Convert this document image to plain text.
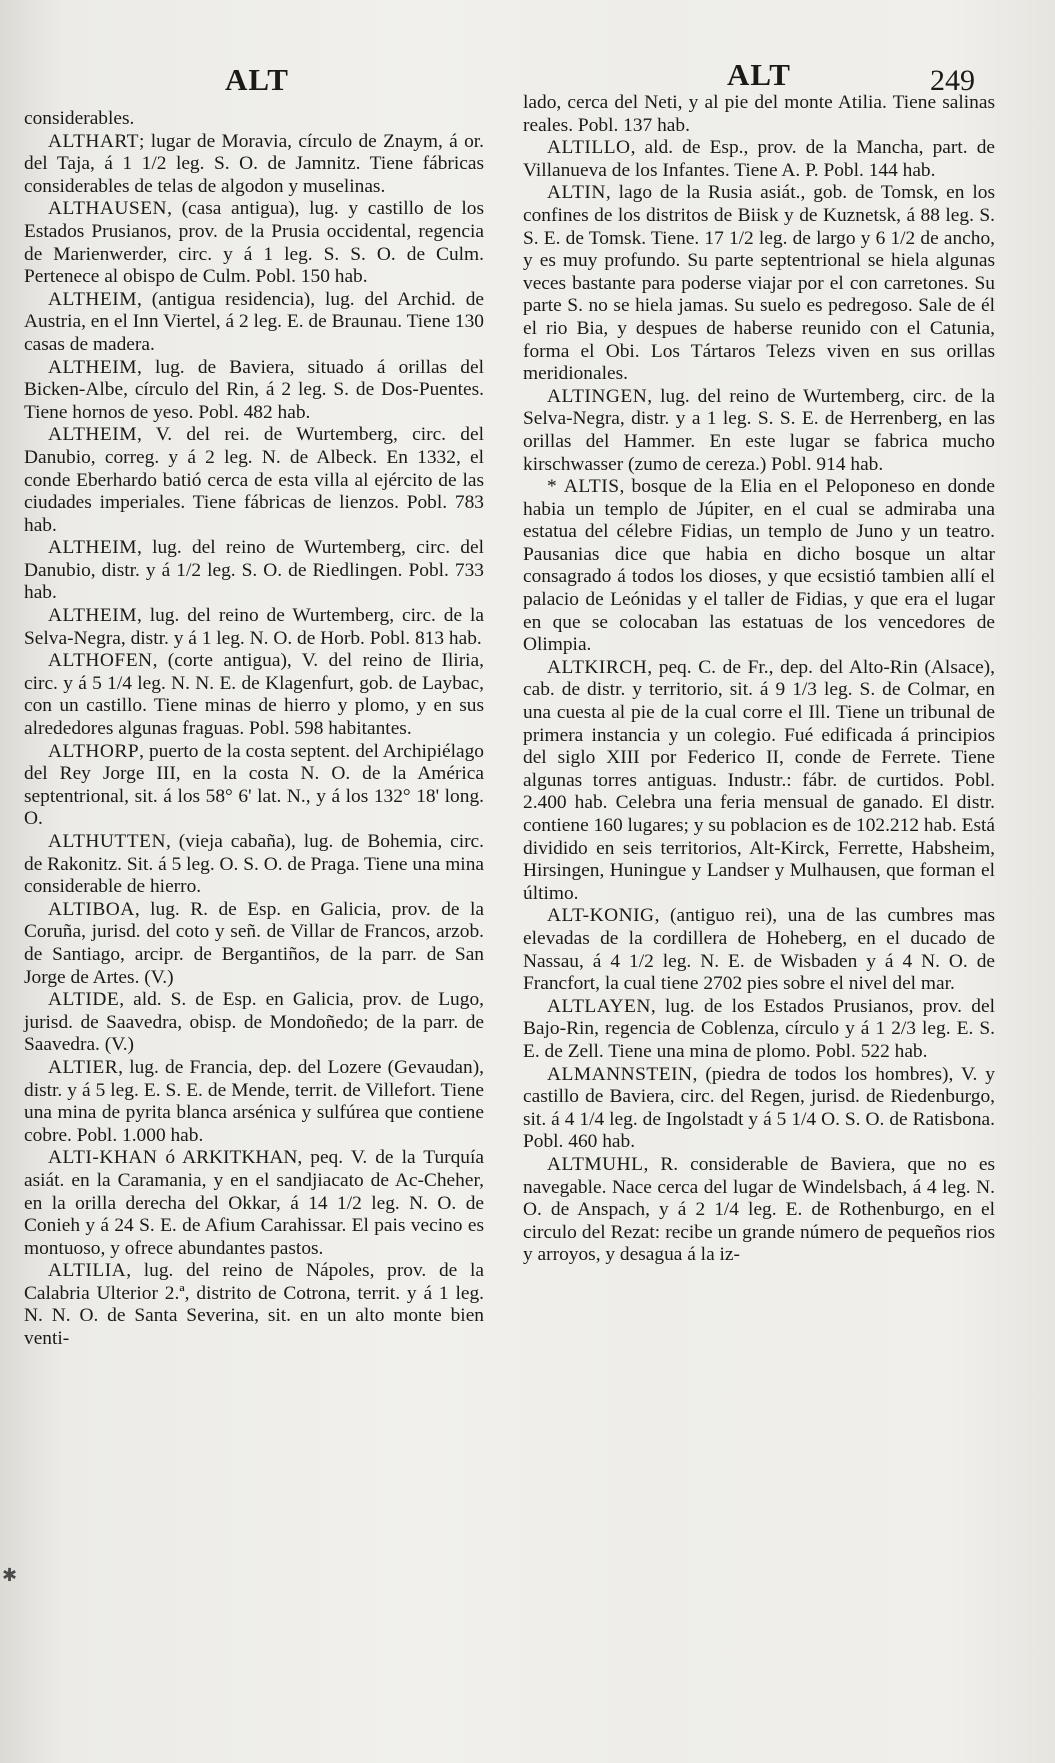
ALT	ALT	249

considerables.

ALTHART; lugar de Moravia, círculo de Znaym, á or. del Taja, á 1 1/2 leg. S. O. de Jamnitz. Tiene fábricas considerables de telas de algodon y muselinas.

ALTHAUSEN, (casa antigua), lug. y castillo de los Estados Prusianos, prov. de la Prusia occidental, regencia de Marienwerder, circ. y á 1 leg. S. S. O. de Culm. Pertenece al obispo de Culm. Pobl. 150 hab.

ALTHEIM, (antigua residencia), lug. del Archid. de Austria, en el Inn Viertel, á 2 leg. E. de Braunau. Tiene 130 casas de madera.

ALTHEIM, lug. de Baviera, situado á orillas del Bicken-Albe, círculo del Rin, á 2 leg. S. de Dos-Puentes. Tiene hornos de yeso. Pobl. 482 hab.

ALTHEIM, V. del rei. de Wurtemberg, circ. del Danubio, correg. y á 2 leg. N. de Albeck. En 1332, el conde Eberhardo batió cerca de esta villa al ejército de las ciudades imperiales. Tiene fábricas de lienzos. Pobl. 783 hab.

ALTHEIM, lug. del reino de Wurtemberg, circ. del Danubio, distr. y á 1/2 leg. S. O. de Riedlingen. Pobl. 733 hab.

ALTHEIM, lug. del reino de Wurtemberg, circ. de la Selva-Negra, distr. y á 1 leg. N. O. de Horb. Pobl. 813 hab.

ALTHOFEN, (corte antigua), V. del reino de Iliria, circ. y á 5 1/4 leg. N. N. E. de Klagenfurt, gob. de Laybac, con un castillo. Tiene minas de hierro y plomo, y en sus alrededores algunas fraguas. Pobl. 598 habitantes.

ALTHORP, puerto de la costa septent. del Archipiélago del Rey Jorge III, en la costa N. O. de la América septentrional, sit. á los 58° 6' lat. N., y á los 132° 18' long. O.

ALTHUTTEN, (vieja cabaña), lug. de Bohemia, circ. de Rakonitz. Sit. á 5 leg. O. S. O. de Praga. Tiene una mina considerable de hierro.

ALTIBOA, lug. R. de Esp. en Galicia, prov. de la Coruña, jurisd. del coto y señ. de Villar de Francos, arzob. de Santiago, arcipr. de Bergantiños, de la parr. de San Jorge de Artes. (V.)

ALTIDE, ald. S. de Esp. en Galicia, prov. de Lugo, jurisd. de Saavedra, obisp. de Mondoñedo; de la parr. de Saavedra. (V.)

ALTIER, lug. de Francia, dep. del Lozere (Gevaudan), distr. y á 5 leg. E. S. E. de Mende, territ. de Villefort. Tiene una mina de pyrita blanca arsénica y sulfúrea que contiene cobre. Pobl. 1.000 hab.

ALTI-KHAN ó ARKITKHAN, peq. V. de la Turquía asiát. en la Caramania, y en el sandjiacato de Ac-Cheher, en la orilla derecha del Okkar, á 14 1/2 leg. N. O. de Conieh y á 24 S. E. de Afium Carahissar. El pais vecino es montuoso, y ofrece abundantes pastos.

ALTILIA, lug. del reino de Nápoles, prov. de la Calabria Ulterior 2.ª, distrito de Cotrona, territ. y á 1 leg. N. N. O. de Santa Severina, sit. en un alto monte bien venti-

lado, cerca del Neti, y al pie del monte Atilia. Tiene salinas reales. Pobl. 137 hab.

ALTILLO, ald. de Esp., prov. de la Mancha, part. de Villanueva de los Infantes. Tiene A. P. Pobl. 144 hab.

ALTIN, lago de la Rusia asiát., gob. de Tomsk, en los confines de los distritos de Biisk y de Kuznetsk, á 88 leg. S. S. E. de Tomsk. Tiene. 17 1/2 leg. de largo y 6 1/2 de ancho, y es muy profundo. Su parte septentrional se hiela algunas veces bastante para poderse viajar por el con carretones. Su parte S. no se hiela jamas. Su suelo es pedregoso. Sale de él el rio Bia, y despues de haberse reunido con el Catunia, forma el Obi. Los Tártaros Telezs viven en sus orillas meridionales.

ALTINGEN, lug. del reino de Wurtemberg, circ. de la Selva-Negra, distr. y a 1 leg. S. S. E. de Herrenberg, en las orillas del Hammer. En este lugar se fabrica mucho kirschwasser (zumo de cereza.) Pobl. 914 hab.

* ALTIS, bosque de la Elia en el Peloponeso en donde habia un templo de Júpiter, en el cual se admiraba una estatua del célebre Fidias, un templo de Juno y un teatro. Pausanias dice que habia en dicho bosque un altar consagrado á todos los dioses, y que ecsistió tambien allí el palacio de Leónidas y el taller de Fidias, y que era el lugar en que se colocaban las estatuas de los vencedores de Olimpia.

ALTKIRCH, peq. C. de Fr., dep. del Alto-Rin (Alsace), cab. de distr. y territorio, sit. á 9 1/3 leg. S. de Colmar, en una cuesta al pie de la cual corre el Ill. Tiene un tribunal de primera instancia y un colegio. Fué edificada á principios del siglo XIII por Federico II, conde de Ferrete. Tiene algunas torres antiguas. Industr.: fábr. de curtidos. Pobl. 2.400 hab. Celebra una feria mensual de ganado. El distr. contiene 160 lugares; y su poblacion es de 102.212 hab. Está dividido en seis territorios, Alt-Kirck, Ferrette, Habsheim, Hirsingen, Huningue y Landser y Mulhausen, que forman el último.

ALT-KONIG, (antiguo rei), una de las cumbres mas elevadas de la cordillera de Hoheberg, en el ducado de Nassau, á 4 1/2 leg. N. E. de Wisbaden y á 4 N. O. de Francfort, la cual tiene 2702 pies sobre el nivel del mar.

ALTLAYEN, lug. de los Estados Prusianos, prov. del Bajo-Rin, regencia de Coblenza, círculo y á 1 2/3 leg. E. S. E. de Zell. Tiene una mina de plomo. Pobl. 522 hab.

ALMANNSTEIN, (piedra de todos los hombres), V. y castillo de Baviera, circ. del Regen, jurisd. de Riedenburgo, sit. á 4 1/4 leg. de Ingolstadt y á 5 1/4 O. S. O. de Ratisbona. Pobl. 460 hab.

ALTMUHL, R. considerable de Baviera, que no es navegable. Nace cerca del lugar de Windelsbach, á 4 leg. N. O. de Anspach, y á 2 1/4 leg. E. de Rothenburgo, en el circulo del Rezat: recibe un grande número de pequeños rios y arroyos, y desagua á la iz-

✱
